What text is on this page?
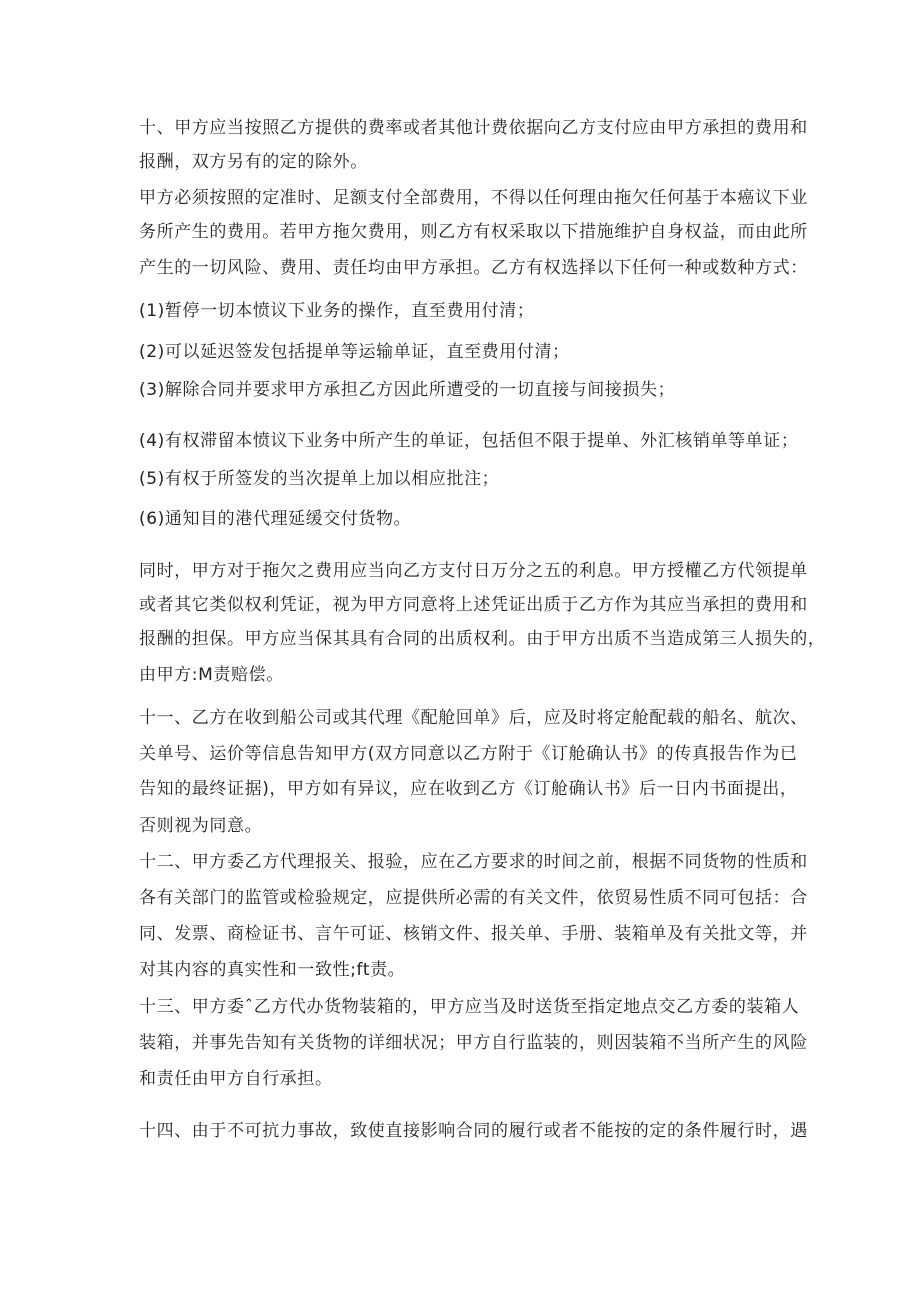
十、甲方应当按照乙方提供的费率或者其他计费依据向乙方支付应由甲方承担的费用和
报酬，双方另有的定的除外。
甲方必须按照的定准时、足额支付全部费用，不得以任何理由拖欠任何基于本癌议下业
务所产生的费用。若甲方拖欠费用，则乙方有权采取以下措施维护自身权益，而由此所
产生的一切风险、费用、责任均由甲方承担。乙方有权选择以下任何一种或数种方式：
(1)暂停一切本愤议下业务的操作，直至费用付清；
(2)可以延迟签发包括提单等运输单证，直至费用付清；
(3)解除合同并要求甲方承担乙方因此所遭受的一切直接与间接损失；
(4)有权滞留本愤议下业务中所产生的单证，包括但不限于提单、外汇核销单等单证；
(5)有权于所签发的当次提单上加以相应批注；
(6)通知目的港代理延缓交付货物。
同时，甲方对于拖欠之费用应当向乙方支付日万分之五的利息。甲方授權乙方代领提单
或者其它类似权利凭证，视为甲方同意将上述凭证出质于乙方作为其应当承担的费用和
报酬的担保。甲方应当保其具有合同的出质权利。由于甲方出质不当造成第三人损失的，
由甲方:M责赔偿。
十一、乙方在收到船公司或其代理《配舱回单》后，应及时将定舱配载的船名、航次、
关单号、运价等信息告知甲方(双方同意以乙方附于《订舱确认书》的传真报告作为已
告知的最终证据)，甲方如有异议，应在收到乙方《订舱确认书》后一日内书面提出，
否则视为同意。
十二、甲方委乙方代理报关、报验，应在乙方要求的时间之前，根据不同货物的性质和
各有关部门的监管或检验规定，应提供所必需的有关文件，依贸易性质不同可包括：合
同、发票、商检证书、言午可证、核销文件、报关单、手册、装箱单及有关批文等，并
对其内容的真实性和一致性;ft责。
十三、甲方委ˆ乙方代办货物装箱的，甲方应当及时送货至指定地点交乙方委的装箱人
装箱，并事先告知有关货物的详细状况；甲方自行监装的，则因装箱不当所产生的风险
和责任由甲方自行承担。
十四、由于不可抗力事故，致使直接影响合同的履行或者不能按的定的条件履行时，遇
